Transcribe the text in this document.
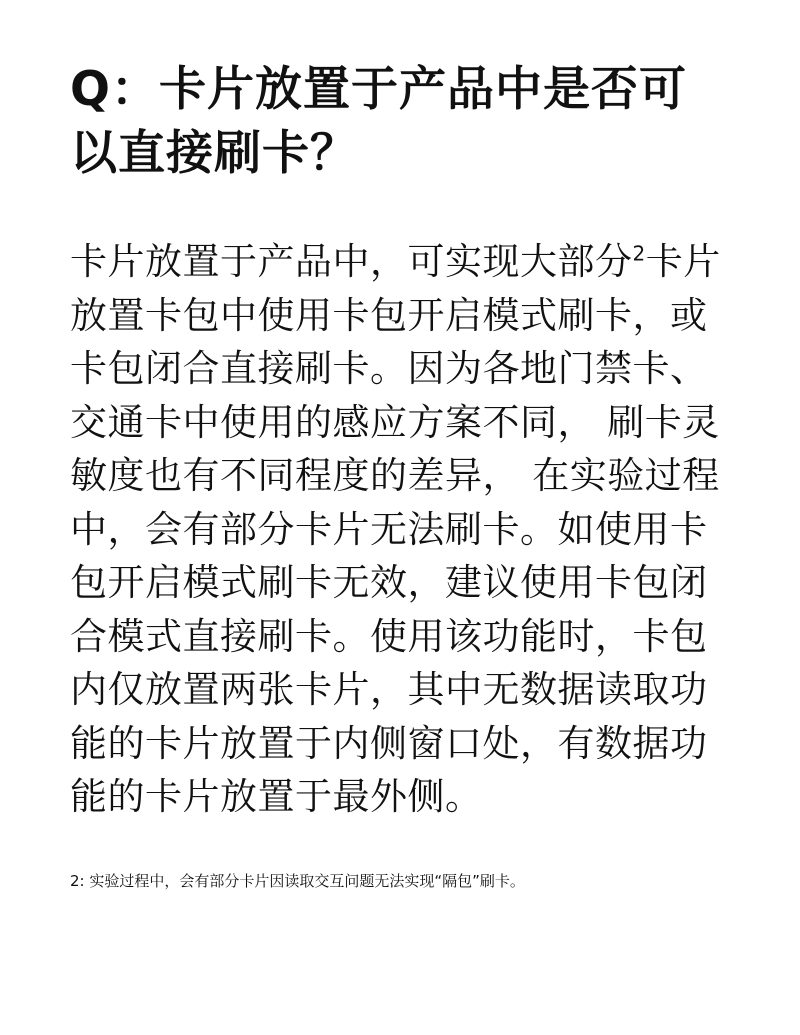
Q：卡片放置于产品中是否可
以直接刷卡？
卡片放置于产品中，可实现大部分$^2$卡片
放置卡包中使用卡包开启模式刷卡，或
卡包闭合直接刷卡。因为各地门禁卡、
交通卡中使用的感应方案不同， 刷卡灵
敏度也有不同程度的差异， 在实验过程
中，会有部分卡片无法刷卡。如使用卡
包开启模式刷卡无效，建议使用卡包闭
合模式直接刷卡。使用该功能时，卡包
内仅放置两张卡片，其中无数据读取功
能的卡片放置于内侧窗口处，有数据功
能的卡片放置于最外侧。

2: 实验过程中，会有部分卡片因读取交互问题无法实现“隔包”刷卡。
